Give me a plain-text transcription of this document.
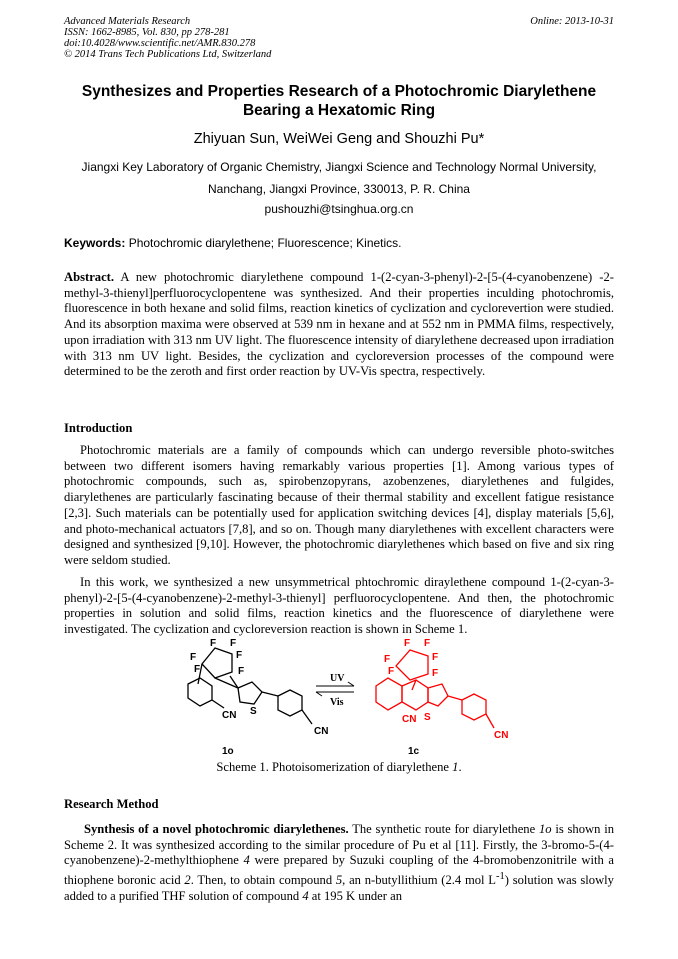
Advanced Materials Research
ISSN: 1662-8985, Vol. 830, pp 278-281
doi:10.4028/www.scientific.net/AMR.830.278
© 2014 Trans Tech Publications Ltd, Switzerland
Online: 2013-10-31
Synthesizes and Properties Research of a Photochromic Diarylethene
Bearing a Hexatomic Ring
Zhiyuan Sun, WeiWei Geng and Shouzhi Pu*
Jiangxi Key Laboratory of Organic Chemistry, Jiangxi Science and Technology Normal University,
Nanchang, Jiangxi Province, 330013, P. R. China
pushouzhi@tsinghua.org.cn
Keywords: Photochromic diarylethene; Fluorescence; Kinetics.
Abstract. A new photochromic diarylethene compound 1-(2-cyan-3-phenyl)-2-[5-(4-cyanobenzene) -2-methyl-3-thienyl]perfluorocyclopentene was synthesized. And their properties inculding photochromis, fluorescence in both hexane and solid films, reaction kinetics of cyclization and cyclorevertion were studied. And its absorption maxima were observed at 539 nm in hexane and at 552 nm in PMMA films, respectively, upon irradiation with 313 nm UV light. The fluorescence intensity of diarylethene decreased upon irradiation with 313 nm UV light. Besides, the cyclization and cycloreversion processes of the compound were determined to be the zeroth and first order reaction by UV-Vis spectra, respectively.
Introduction
Photochromic materials are a family of compounds which can undergo reversible photo-switches between two different isomers having remarkably various properties [1]. Among various types of photochromic compounds, such as, spirobenzopyrans, azobenzenes, diarylethenes and fulgides, diarylethenes are particularly fascinating because of their thermal stability and excellent fatigue resistance [2,3]. Such materials can be potentially used for application switching devices [4], display materials [5,6], and photo-mechanical actuators [7,8], and so on. Though many diarylethenes with excellent characters were designed and synthesized [9,10]. However, the photochromic diarylethenes which based on five and six ring were seldom studied.
In this work, we synthesized a new unsymmetrical phtochromic diraylethene compound 1-(2-cyan-3-phenyl)-2-[5-(4-cyanobenzene)-2-methyl-3-thienyl] perfluorocyclopentene. And then, the photochromic properties in solution and solid films, reaction kinetics and the fluorescence of diarylethene were investigated. The cyclization and cycloreversion reaction is shown in Scheme 1.
F F
F
F
F
F
S
CN
CN
1o
UV
Vis
F F
F
F
F
F
S
CN
CN
1c
Scheme 1. Photoisomerization of diarylethene 1.
Research Method
Synthesis of a novel photochromic diarylethenes. The synthetic route for diarylethene 1o is shown in Scheme 2. It was synthesized according to the similar procedure of Pu et al [11]. Firstly, the 3-bromo-5-(4-cyanobenzene)-2-methylthiophene 4 were prepared by Suzuki coupling of the 4-bromobenzonitrile with a thiophene boronic acid 2. Then, to obtain compound 5, an n-butyllithium (2.4 mol $L^{-1}$) solution was slowly added to a purified THF solution of compound 4 at 195 K under an
